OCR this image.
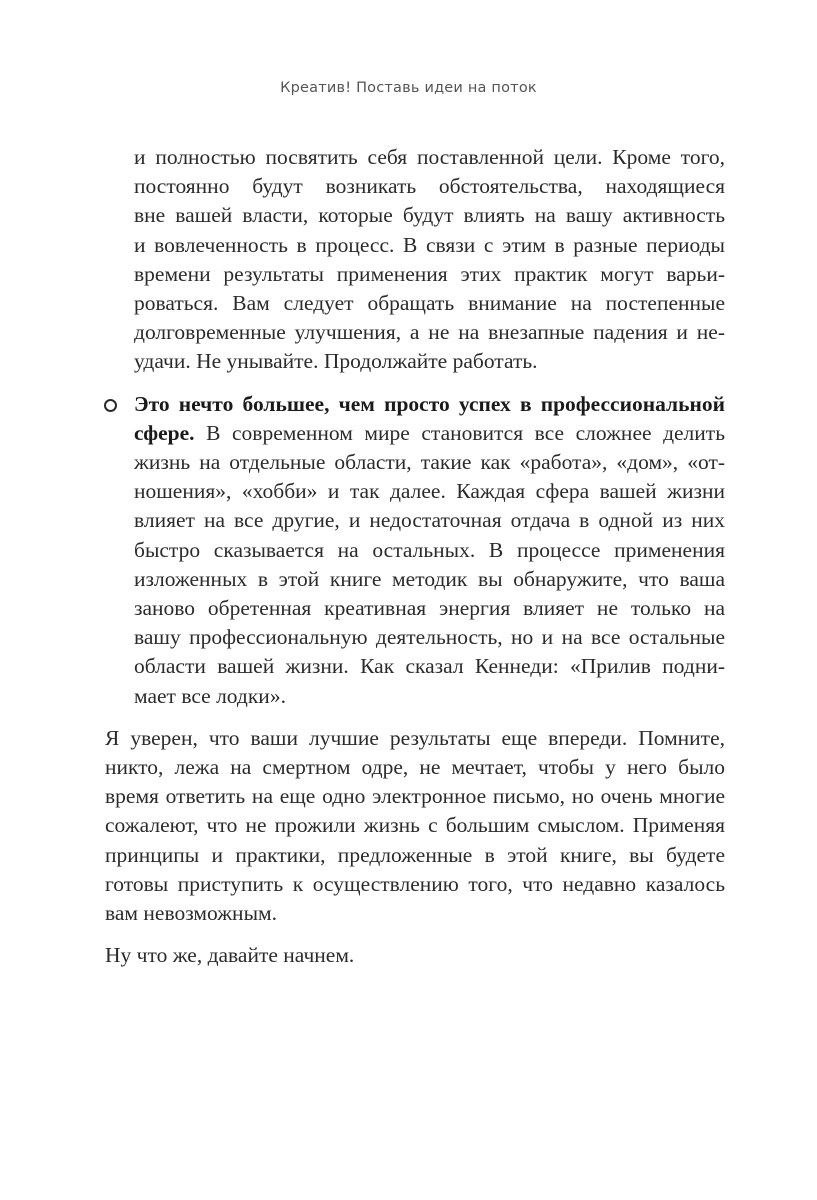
Креатив! Поставь идеи на поток
и полностью посвятить себя поставленной цели. Кроме того,
постоянно будут возникать обстоятельства, находящиеся
вне вашей власти, которые будут влиять на вашу активность
и вовлеченность в процесс. В связи с этим в разные периоды
времени результаты применения этих практик могут варьи-
роваться. Вам следует обращать внимание на постепенные
долговременные улучшения, а не на внезапные падения и не-
удачи. Не унывайте. Продолжайте работать.
Это нечто большее, чем просто успех в профессиональной
сфере. В современном мире становится все сложнее делить
жизнь на отдельные области, такие как «работа», «дом», «от-
ношения», «хобби» и так далее. Каждая сфера вашей жизни
влияет на все другие, и недостаточная отдача в одной из них
быстро сказывается на остальных. В процессе применения
изложенных в этой книге методик вы обнаружите, что ваша
заново обретенная креативная энергия влияет не только на
вашу профессиональную деятельность, но и на все остальные
области вашей жизни. Как сказал Кеннеди: «Прилив подни-
мает все лодки».
Я уверен, что ваши лучшие результаты еще впереди. Помните,
никто, лежа на смертном одре, не мечтает, чтобы у него было
время ответить на еще одно электронное письмо, но очень многие
сожалеют, что не прожили жизнь с большим смыслом. Применяя
принципы и практики, предложенные в этой книге, вы будете
готовы приступить к осуществлению того, что недавно казалось
вам невозможным.
Ну что же, давайте начнем.
